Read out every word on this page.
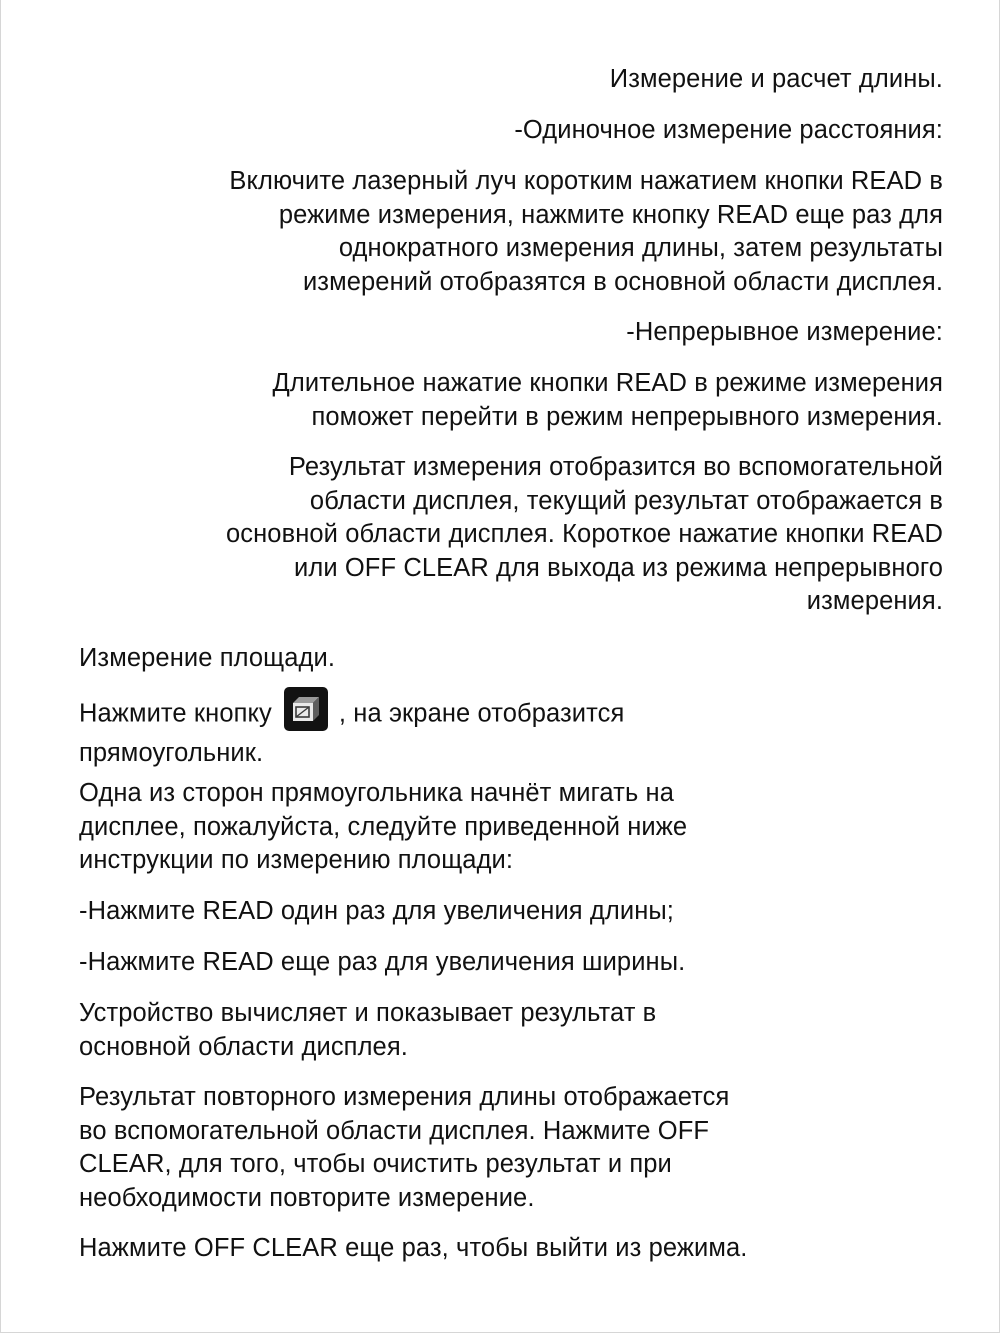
Измерение и расчет длины.

-Одиночное измерение расстояния:

Включите лазерный луч коротким нажатием кнопки READ в
режиме измерения, нажмите кнопку READ еще раз для
однократного измерения длины, затем результаты
измерений отобразятся в основной области дисплея.

-Непрерывное измерение:

Длительное нажатие кнопки READ в режиме измерения
поможет перейти в режим непрерывного измерения.
Результат измерения отобразится во вспомогательной
области дисплея, текущий результат отображается в
основной области дисплея. Короткое нажатие кнопки READ
или OFF CLEAR для выхода из режима непрерывного
измерения.

Измерение площади.

Нажмите кнопку	, на экране отобразится
прямоугольник.
Одна из сторон прямоугольника начнёт мигать на
дисплее, пожалуйста, следуйте приведенной ниже
инструкции по измерению площади:

-Нажмите READ один раз для увеличения длины;

-Нажмите READ еще раз для увеличения ширины.

Устройство вычисляет и показывает результат в
основной области дисплея.
Результат повторного измерения длины отображается
во вспомогательной области дисплея. Нажмите OFF
CLEAR, для того, чтобы очистить результат и при
необходимости повторите измерение.

Нажмите OFF CLEAR еще раз, чтобы выйти из режима.
